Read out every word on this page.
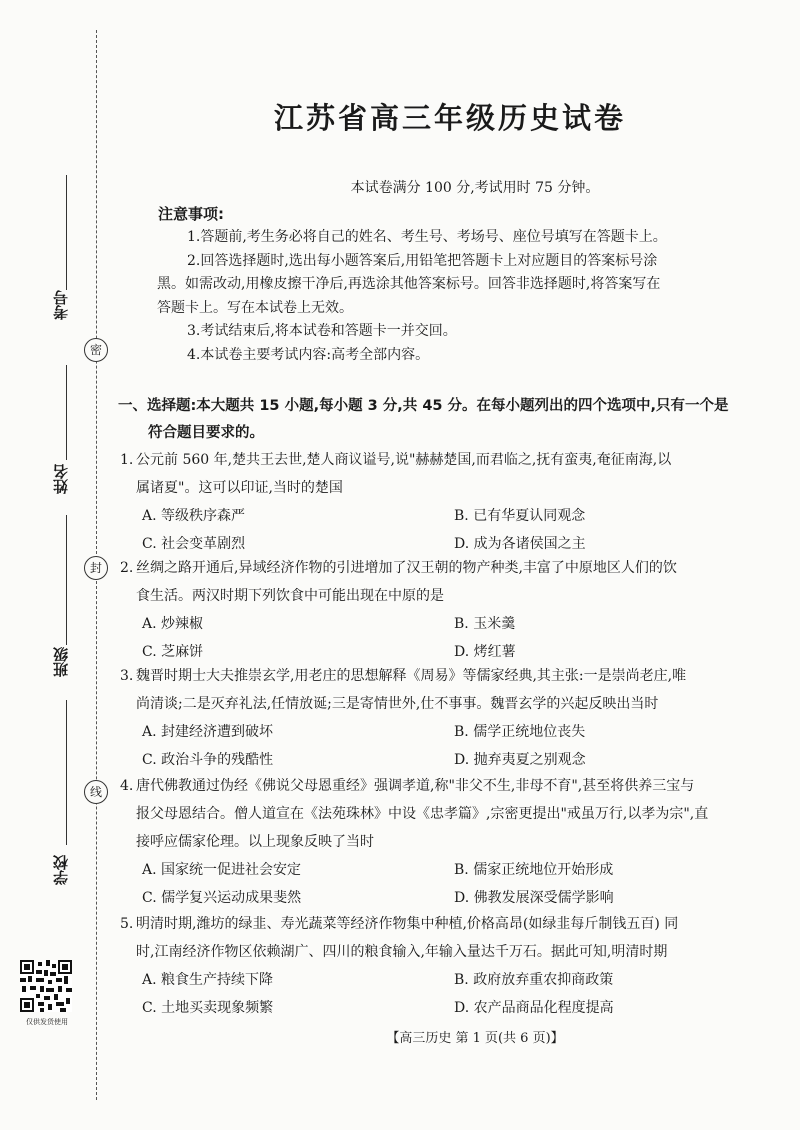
考号
密
姓名
封
班级
线
学校
仅供发货使用
江苏省高三年级历史试卷
本试卷满分 100 分,考试用时 75 分钟。
注意事项:

1.答题前,考生务必将自己的姓名、考生号、考场号、座位号填写在答题卡上。

2.回答选择题时,选出每小题答案后,用铅笔把答题卡上对应题目的答案标号涂

黑。如需改动,用橡皮擦干净后,再选涂其他答案标号。回答非选择题时,将答案写在

答题卡上。写在本试卷上无效。

3.考试结束后,将本试卷和答题卡一并交回。

4.本试卷主要考试内容:高考全部内容。

一、选择题:本大题共 15 小题,每小题 3 分,共 45 分。在每小题列出的四个选项中,只有一个是
符合题目要求的。
1. 公元前 560 年,楚共王去世,楚人商议谥号,说"赫赫楚国,而君临之,抚有蛮夷,奄征南海,以
属诸夏"。这可以印证,当时的楚国
A. 等级秩序森严	B. 已有华夏认同观念
C. 社会变革剧烈	D. 成为各诸侯国之主
2. 丝绸之路开通后,异域经济作物的引进增加了汉王朝的物产种类,丰富了中原地区人们的饮
食生活。两汉时期下列饮食中可能出现在中原的是
A. 炒辣椒	B. 玉米羹
C. 芝麻饼	D. 烤红薯
3. 魏晋时期士大夫推崇玄学,用老庄的思想解释《周易》等儒家经典,其主张:一是崇尚老庄,唯
尚清谈;二是灭弃礼法,任情放诞;三是寄情世外,仕不事事。魏晋玄学的兴起反映出当时
A. 封建经济遭到破坏	B. 儒学正统地位丧失
C. 政治斗争的残酷性	D. 抛弃夷夏之别观念
4. 唐代佛教通过伪经《佛说父母恩重经》强调孝道,称"非父不生,非母不育",甚至将供养三宝与
报父母恩结合。僧人道宣在《法苑珠林》中设《忠孝篇》,宗密更提出"戒虽万行,以孝为宗",直
接呼应儒家伦理。以上现象反映了当时
A. 国家统一促进社会安定	B. 儒家正统地位开始形成
C. 儒学复兴运动成果斐然	D. 佛教发展深受儒学影响
5. 明清时期,潍坊的绿韭、寿光蔬菜等经济作物集中种植,价格高昂(如绿韭每斤制钱五百) 同
时,江南经济作物区依赖湖广、四川的粮食输入,年输入量达千万石。据此可知,明清时期
A. 粮食生产持续下降	B. 政府放弃重农抑商政策
C. 土地买卖现象频繁	D. 农产品商品化程度提高
【高三历史 第 1 页(共 6 页)】
